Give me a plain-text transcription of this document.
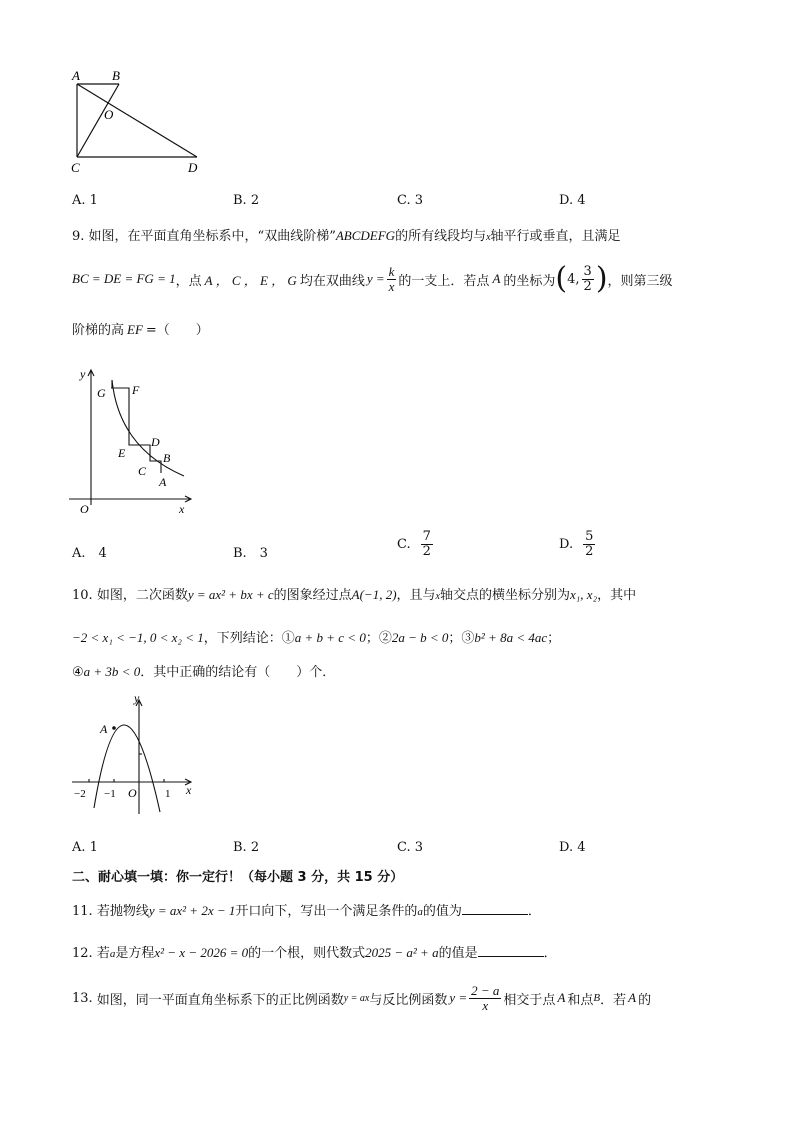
A B
O
C	D
A. 1	B. 2	C. 3	D. 4
9. 如图，在平面直角坐标系中，“双曲线阶梯”ABCDEFG的所有线段均与x轴平行或垂直，且满足
BC = DE = FG = 1 ，点 A ， C ， E ， G 均在双曲线 $y = \frac{k}{x}$ 的一支上．若点 A 的坐标为 ( 4, $\frac{3}{2}$ ) ，则第三级
阶梯的高 EF =（　　）
y
G F
D
E
C
B
A
O	x
A.　4	B.　3
C. $\frac{7}{2}$	D. $\frac{5}{2}$
10. 如图，二次函数y = ax² + bx + c的图象经过点A(−1, 2)，且与x轴交点的横坐标分别为x₁, x₂，其中
−2 < x₁ < −1, 0 < x₂ < 1，下列结论：①a + b + c < 0；②2a − b < 0；③b² + 8a < 4ac；
④a + 3b < 0．其中正确的结论有（　　）个．
y
A
−2 −1 O	1 x
A. 1	B. 2	C. 3	D. 4
二、耐心填一填：你一定行！（每小题 3 分，共 15 分）
11. 若抛物线y = ax² + 2x − 1开口向下，写出一个满足条件的a的值为	．
12. 若a是方程x² − x − 2026 = 0的一个根，则代数式2025 − a² + a的值是	．
13. 如图，同一平面直角坐标系下的正比例函数 y = ax 与反比例函数 $y = \frac{2 - a}{x}$ 相交于点 A 和点 B ．若 A 的
